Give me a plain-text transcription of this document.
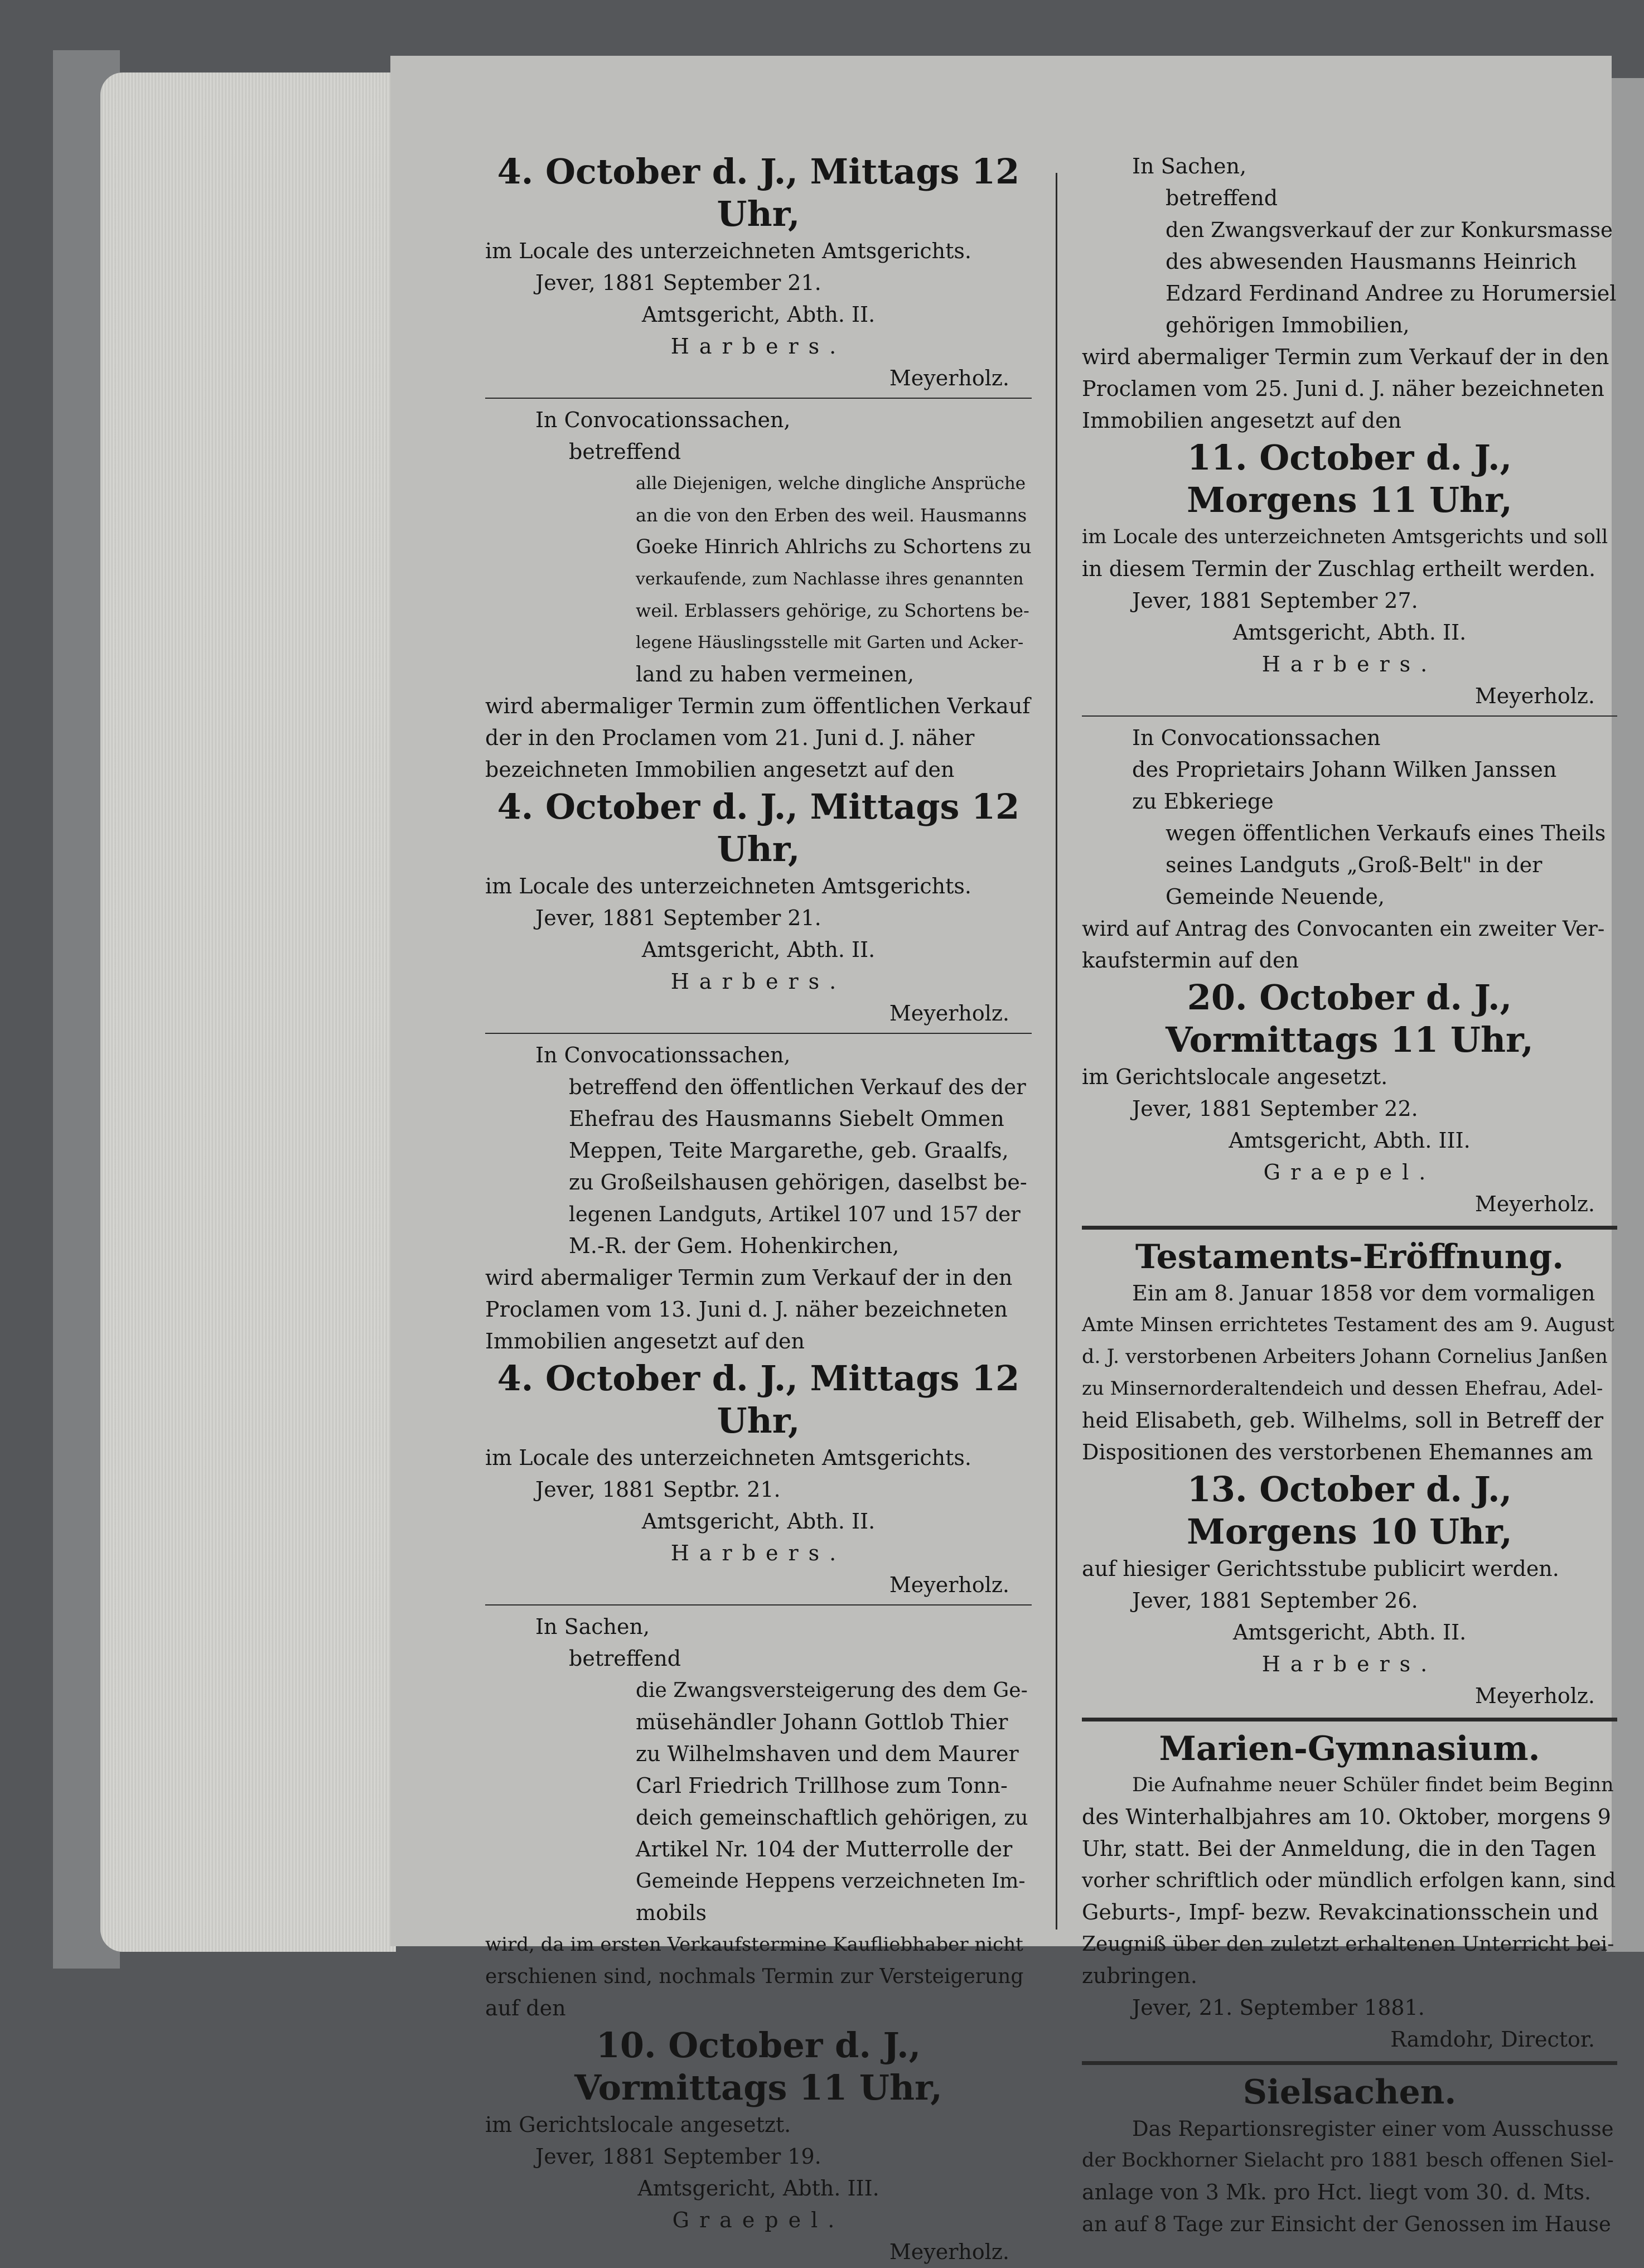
4. October d. J., Mittags 12 Uhr,
im Locale des unterzeichneten Amtsgerichts.
Jever, 1881 September 21.
Amtsgericht, Abth. II.
Harbers.
Meyerholz.
In Convocationssachen,
betreffend
alle Diejenigen, welche dingliche Ansprüche
an die von den Erben des weil. Hausmanns
Goeke Hinrich Ahlrichs zu Schortens zu
verkaufende, zum Nachlasse ihres genannten
weil. Erblassers gehörige, zu Schortens be-
legene Häuslingsstelle mit Garten und Acker-
land zu haben vermeinen,
wird abermaliger Termin zum öffentlichen Verkauf
der in den Proclamen vom 21. Juni d. J. näher
bezeichneten Immobilien angesetzt auf den
4. October d. J., Mittags 12 Uhr,
im Locale des unterzeichneten Amtsgerichts.
Jever, 1881 September 21.
Amtsgericht, Abth. II.
Harbers.
Meyerholz.
In Convocationssachen,
betreffend den öffentlichen Verkauf des der
Ehefrau des Hausmanns Siebelt Ommen
Meppen, Teite Margarethe, geb. Graalfs,
zu Großeilshausen gehörigen, daselbst be-
legenen Landguts, Artikel 107 und 157 der
M.-R. der Gem. Hohenkirchen,
wird abermaliger Termin zum Verkauf der in den
Proclamen vom 13. Juni d. J. näher bezeichneten
Immobilien angesetzt auf den
4. October d. J., Mittags 12 Uhr,
im Locale des unterzeichneten Amtsgerichts.
Jever, 1881 Septbr. 21.
Amtsgericht, Abth. II.
Harbers.
Meyerholz.
In Sachen,
betreffend
die Zwangsversteigerung des dem Ge-
müsehändler Johann Gottlob Thier
zu Wilhelmshaven und dem Maurer
Carl Friedrich Trillhose zum Tonn-
deich gemeinschaftlich gehörigen, zu
Artikel Nr. 104 der Mutterrolle der
Gemeinde Heppens verzeichneten Im-
mobils
wird, da im ersten Verkaufstermine Kaufliebhaber nicht
erschienen sind, nochmals Termin zur Versteigerung
auf den
10. October d. J.,
Vormittags 11 Uhr,
im Gerichtslocale angesetzt.
Jever, 1881 September 19.
Amtsgericht, Abth. III.
Graepel.
Meyerholz.
In Sachen,
betreffend
den Zwangsverkauf der zur Konkursmasse
des abwesenden Hausmanns Heinrich
Edzard Ferdinand Andree zu Horumersiel
gehörigen Immobilien,
wird abermaliger Termin zum Verkauf der in den
Proclamen vom 25. Juni d. J. näher bezeichneten
Immobilien angesetzt auf den
11. October d. J.,
Morgens 11 Uhr,
im Locale des unterzeichneten Amtsgerichts und soll
in diesem Termin der Zuschlag ertheilt werden.
Jever, 1881 September 27.
Amtsgericht, Abth. II.
Harbers.
Meyerholz.
In Convocationssachen
des Proprietairs Johann Wilken Janssen
zu Ebkeriege
wegen öffentlichen Verkaufs eines Theils
seines Landguts „Groß-Belt" in der
Gemeinde Neuende,
wird auf Antrag des Convocanten ein zweiter Ver-
kaufstermin auf den
20. October d. J.,
Vormittags 11 Uhr,
im Gerichtslocale angesetzt.
Jever, 1881 September 22.
Amtsgericht, Abth. III.
Graepel.
Meyerholz.
Testaments-Eröffnung.
Ein am 8. Januar 1858 vor dem vormaligen
Amte Minsen errichtetes Testament des am 9. August
d. J. verstorbenen Arbeiters Johann Cornelius Janßen
zu Minsernorderaltendeich und dessen Ehefrau, Adel-
heid Elisabeth, geb. Wilhelms, soll in Betreff der
Dispositionen des verstorbenen Ehemannes am
13. October d. J.,
Morgens 10 Uhr,
auf hiesiger Gerichtsstube publicirt werden.
Jever, 1881 September 26.
Amtsgericht, Abth. II.
Harbers.
Meyerholz.
Marien-Gymnasium.
Die Aufnahme neuer Schüler findet beim Beginn
des Winterhalbjahres am 10. Oktober, morgens 9
Uhr, statt. Bei der Anmeldung, die in den Tagen
vorher schriftlich oder mündlich erfolgen kann, sind
Geburts-, Impf- bezw. Revakcinationsschein und
Zeugniß über den zuletzt erhaltenen Unterricht bei-
zubringen.
Jever, 21. September 1881.
Ramdohr, Director.
Sielsachen.
Das Repartionsregister einer vom Ausschusse
der Bockhorner Sielacht pro 1881 besch offenen Siel-
anlage von 3 Mk. pro Hct. liegt vom 30. d. Mts.
an auf 8 Tage zur Einsicht der Genossen im Hause
